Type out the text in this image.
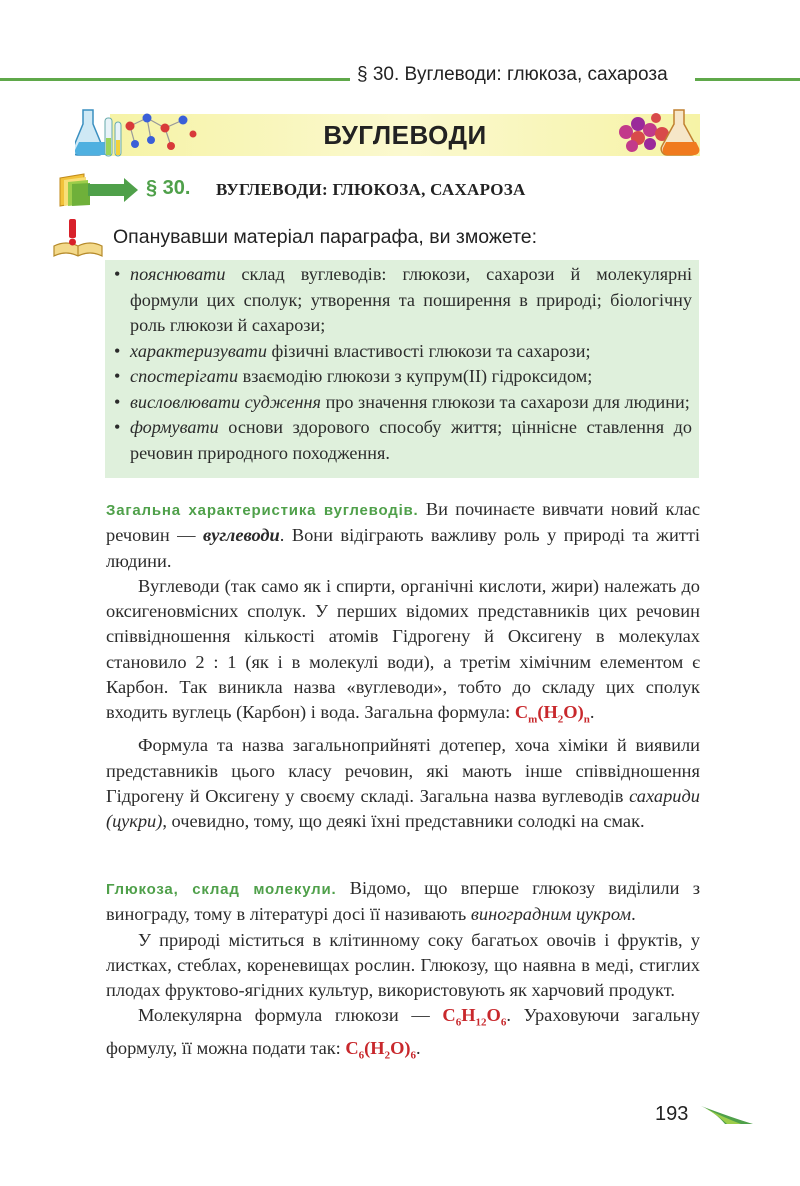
§ 30. Вуглеводи: глюкоза, сахароза
ВУГЛЕВОДИ
§ 30. ВУГЛЕВОДИ: ГЛЮКОЗА, САХАРОЗА
Опанувавши матеріал параграфа, ви зможете:
• пояснювати склад вуглеводів: глюкози, сахарози й молекулярні формули цих сполук; утворення та поширення в природі; біологічну роль глюкози й сахарози;
• характеризувати фізичні властивості глюкози та сахарози;
• спостерігати взаємодію глюкози з купрум(ІІ) гідроксидом;
• висловлювати судження про значення глюкози та сахарози для людини;
• формувати основи здорового способу життя; ціннісне ставлення до речовин природного походження.

Загальна характеристика вуглеводів. Ви починаєте вивчати новий клас речовин — вуглеводи. Вони відіграють важливу роль у природі та житті людини.

Вуглеводи (так само як і спирти, органічні кислоти, жири) належать до оксигеновмісних сполук. У перших відомих представників цих речовин співвідношення кількості атомів Гідрогену й Оксигену в молекулах становило 2 : 1 (як і в молекулі води), а третім хімічним елементом є Карбон. Так виникла назва «вуглеводи», тобто до складу цих сполук входить вуглець (Карбон) і вода. Загальна формула: $C_m(H_2O)_n$.

Формула та назва загальноприйняті дотепер, хоча хіміки й виявили представників цього класу речовин, які мають інше співвідношення Гідрогену й Оксигену у своєму складі. Загальна назва вуглеводів сахариди (цукри), очевидно, тому, що деякі їхні представники солодкі на смак.

Глюкоза, склад молекули. Відомо, що вперше глюкозу виділили з винограду, тому в літературі досі її називають виноградним цукром.

У природі міститься в клітинному соку багатьох овочів і фруктів, у листках, стеблах, кореневищах рослин. Глюкозу, що наявна в меді, стиглих плодах фруктово-ягідних культур, використовують як харчовий продукт.

Молекулярна формула глюкози — $C_6H_{12}O_6$. Ураховуючи загальну формулу, її можна подати так: $C_6(H_2O)_6$.

193
